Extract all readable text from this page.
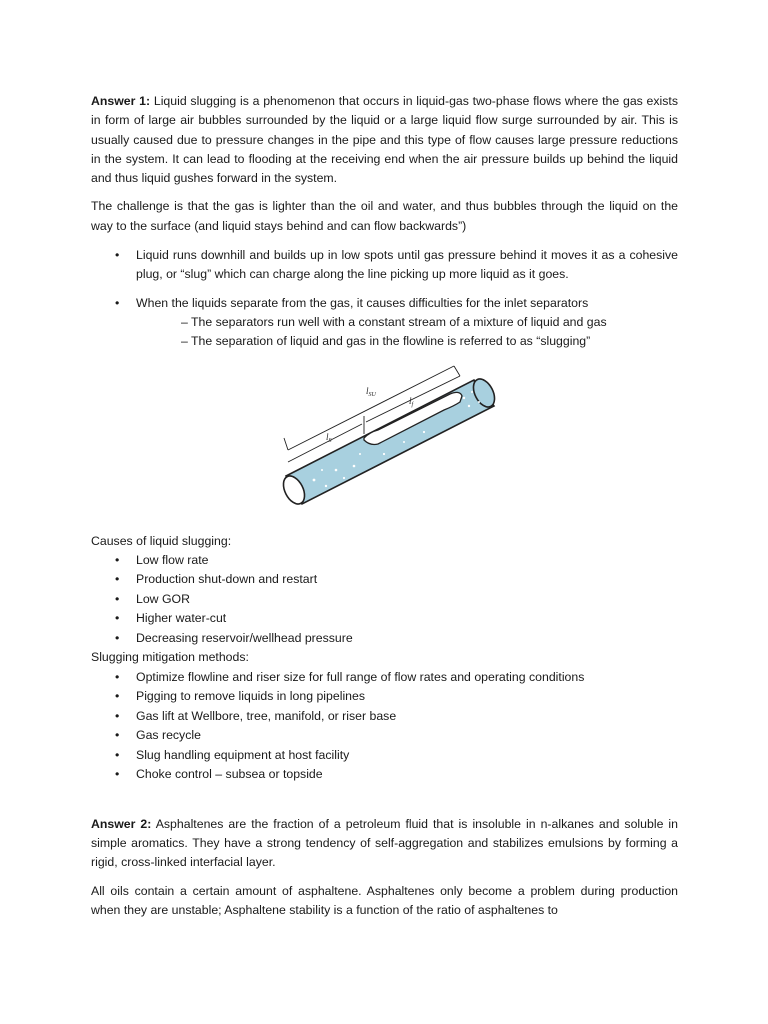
Answer 1: Liquid slugging is a phenomenon that occurs in liquid-gas two-phase flows where the gas exists in form of large air bubbles surrounded by the liquid or a large liquid flow surge surrounded by air. This is usually caused due to pressure changes in the pipe and this type of flow causes large pressure reductions in the system. It can lead to flooding at the receiving end when the air pressure builds up behind the liquid and thus liquid gushes forward in the system.

The challenge is that the gas is lighter than the oil and water, and thus bubbles through the liquid on the way to the surface (and liquid stays behind and can flow backwards”)

• Liquid runs downhill and builds up in low spots until gas pressure behind it moves it as a cohesive plug, or “slug” which can charge along the line picking up more liquid as it goes.
• When the liquids separate from the gas, it causes difficulties for the inlet separators
– The separators run well with a constant stream of a mixture of liquid and gas
– The separation of liquid and gas in the flowline is referred to as “slugging”
$l_{SU}$
$l_f$
$l_S$
Causes of liquid slugging:
• Low flow rate
• Production shut-down and restart
• Low GOR
• Higher water-cut
• Decreasing reservoir/wellhead pressure
Slugging mitigation methods:
• Optimize flowline and riser size for full range of flow rates and operating conditions
• Pigging to remove liquids in long pipelines
• Gas lift at Wellbore, tree, manifold, or riser base
• Gas recycle
• Slug handling equipment at host facility
• Choke control – subsea or topside

Answer 2: Asphaltenes are the fraction of a petroleum fluid that is insoluble in n-alkanes and soluble in simple aromatics. They have a strong tendency of self-aggregation and stabilizes emulsions by forming a rigid, cross-linked interfacial layer.

All oils contain a certain amount of asphaltene. Asphaltenes only become a problem during production when they are unstable; Asphaltene stability is a function of the ratio of asphaltenes to
